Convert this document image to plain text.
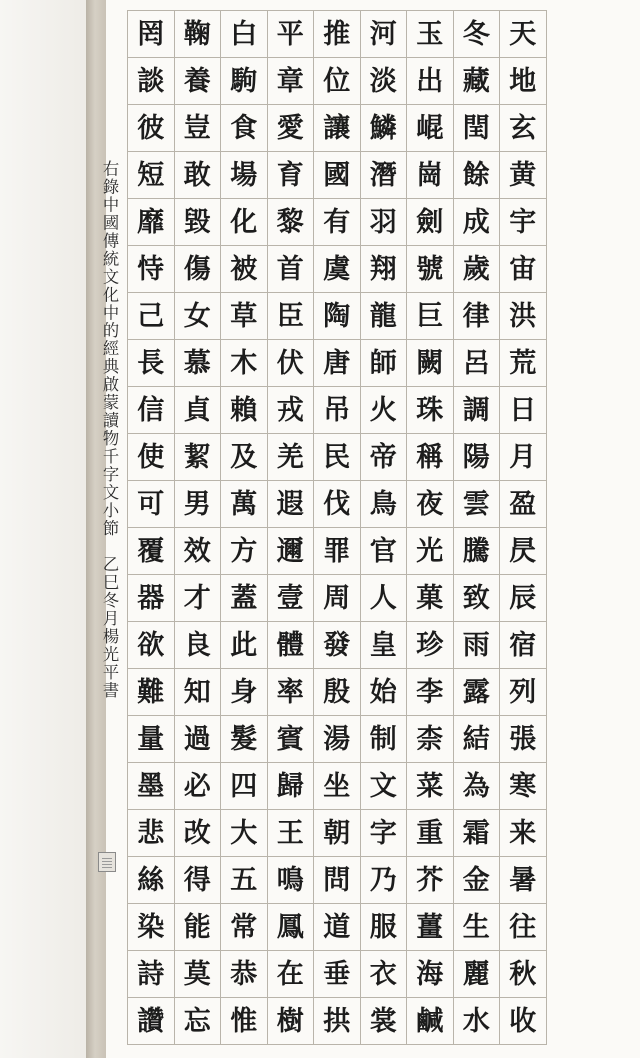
罔 鞠 白 平 推 河 玉 冬 天
談 養 駒 章 位 淡 出 藏 地
彼 豈 食 愛 讓 鱗 崐 閏 玄
短 敢 場 育 國 潛 崗 餘 黄
靡 毀 化 黎 有 羽 劍 成 宇
恃 傷 被 首 虞 翔 號 歲 宙
己 女 草 臣 陶 龍 巨 律 洪
長 慕 木 伏 唐 師 闕 呂 荒
信 貞 賴 戎 吊 火 珠 調 日
使 絜 及 羌 民 帝 稱 陽 月
可 男 萬 遐 伐 鳥 夜 雲 盈
覆 效 方 邇 罪 官 光 騰 昃
器 才 蓋 壹 周 人 菓 致 辰
欲 良 此 體 發 皇 珍 雨 宿
難 知 身 率 殷 始 李 露 列
量 過 髮 賓 湯 制 柰 結 張
墨 必 四 歸 坐 文 菜 為 寒
悲 改 大 王 朝 字 重 霜 来
絲 得 五 鳴 問 乃 芥 金 暑
染 能 常 鳳 道 服 薑 生 往
詩 莫 恭 在 垂 衣 海 麗 秋
讚 忘 惟 樹 拱 裳 鹹 水 收
右錄中國傳統文化中的經典啟蒙讀物千字文小節　乙巳冬月楊光平書
